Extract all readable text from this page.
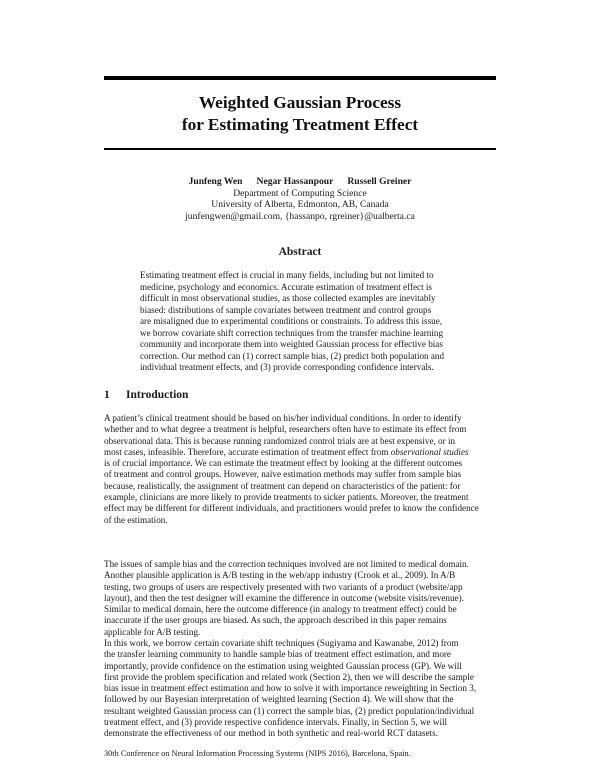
Weighted Gaussian Process
for Estimating Treatment Effect
Junfeng Wen Negar Hassanpour Russell Greiner
Department of Computing Science
University of Alberta, Edmonton, AB, Canada
junfengwen@gmail.com, {hassanpo, rgreiner}@ualberta.ca
Abstract
Estimating treatment effect is crucial in many fields, including but not limited to
medicine, psychology and economics. Accurate estimation of treatment effect is
difficult in most observational studies, as those collected examples are inevitably
biased: distributions of sample covariates between treatment and control groups
are misaligned due to experimental conditions or constraints. To address this issue,
we borrow covariate shift correction techniques from the transfer machine learning
community and incorporate them into weighted Gaussian process for effective bias
correction. Our method can (1) correct sample bias, (2) predict both population and
individual treatment effects, and (3) provide corresponding confidence intervals.
1 Introduction
A patient’s clinical treatment should be based on his/her individual conditions. In order to identify
whether and to what degree a treatment is helpful, researchers often have to estimate its effect from
observational data. This is because running randomized control trials are at best expensive, or in
most cases, infeasible. Therefore, accurate estimation of treatment effect from observational studies
is of crucial importance. We can estimate the treatment effect by looking at the different outcomes
of treatment and control groups. However, naïve estimation methods may suffer from sample bias
because, realistically, the assignment of treatment can depend on characteristics of the patient: for
example, clinicians are more likely to provide treatments to sicker patients. Moreover, the treatment
effect may be different for different individuals, and practitioners would prefer to know the confidence
of the estimation.
The issues of sample bias and the correction techniques involved are not limited to medical domain.
Another plausible application is A/B testing in the web/app industry (Crook et al., 2009). In A/B
testing, two groups of users are respectively presented with two variants of a product (website/app
layout), and then the test designer will examine the difference in outcome (website visits/revenue).
Similar to medical domain, here the outcome difference (in analogy to treatment effect) could be
inaccurate if the user groups are biased. As such, the approach described in this paper remains
applicable for A/B testing.
In this work, we borrow certain covariate shift techniques (Sugiyama and Kawanabe, 2012) from
the transfer learning community to handle sample bias of treatment effect estimation, and more
importantly, provide confidence on the estimation using weighted Gaussian process (GP). We will
first provide the problem specification and related work (Section 2), then we will describe the sample
bias issue in treatment effect estimation and how to solve it with importance reweighting in Section 3,
followed by our Bayesian interpretation of weighted learning (Section 4). We will show that the
resultant weighted Gaussian process can (1) correct the sample bias, (2) predict population/individual
treatment effect, and (3) provide respective confidence intervals. Finally, in Section 5, we will
demonstrate the effectiveness of our method in both synthetic and real-world RCT datasets.
30th Conference on Neural Information Processing Systems (NIPS 2016), Barcelona, Spain.
